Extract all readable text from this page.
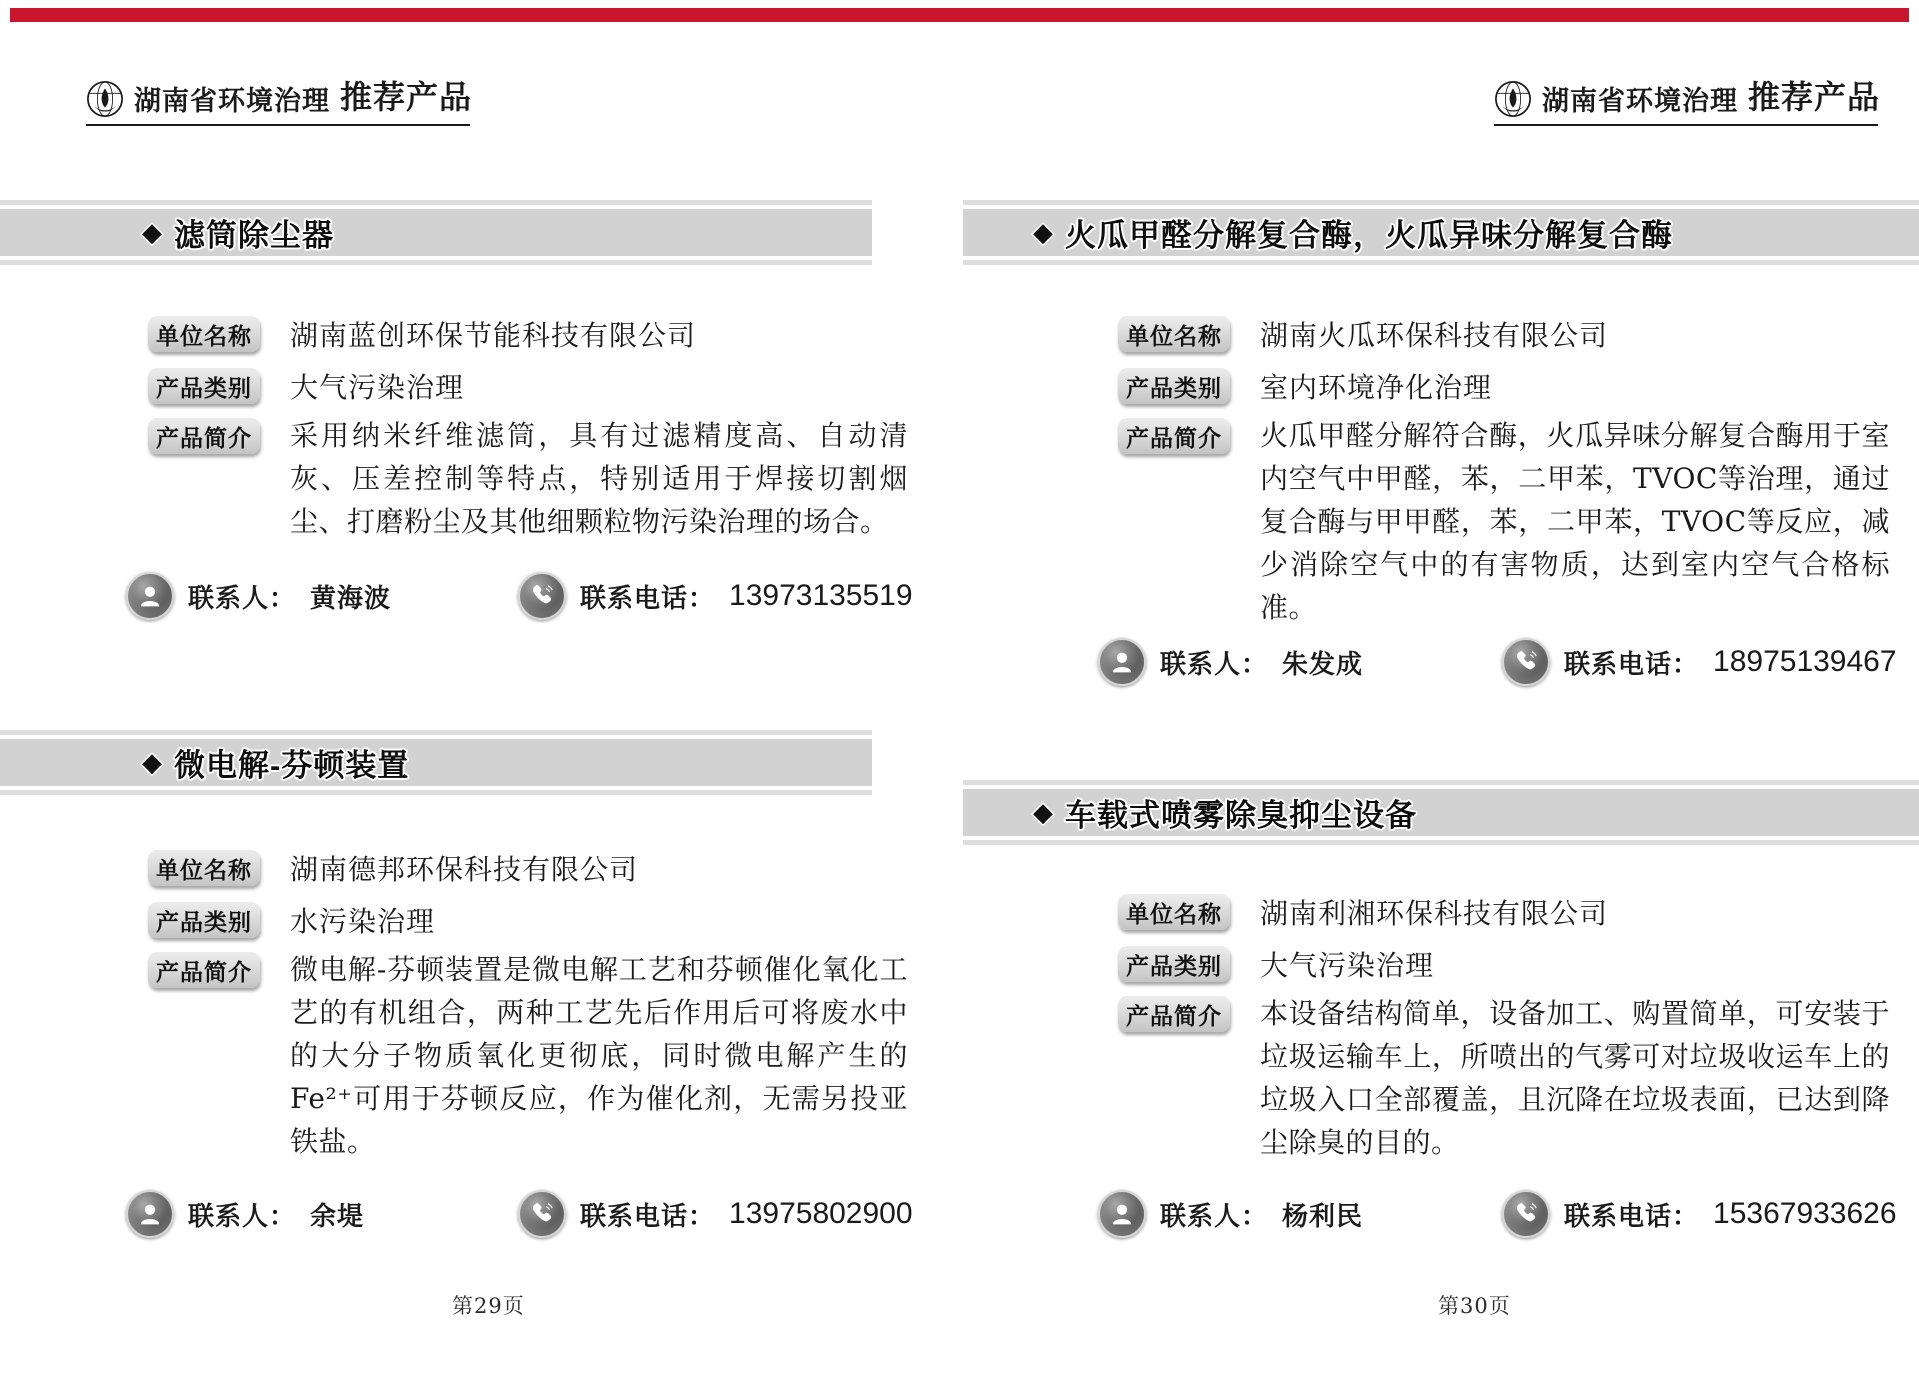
湖南省环境治理 推荐产品	湖南省环境治理 推荐产品
◆ 滤筒除尘器
单位名称 湖南蓝创环保节能科技有限公司
产品类别 大气污染治理
产品简介 采用纳米纤维滤筒，具有过滤精度高、自动清灰、压差控制等特点，特别适用于焊接切割烟尘、打磨粉尘及其他细颗粒物污染治理的场合。

联系人： 黄海波	联系电话： 13973135519
◆ 微电解-芬顿装置
单位名称 湖南德邦环保科技有限公司
产品类别 水污染治理
产品简介 微电解-芬顿装置是微电解工艺和芬顿催化氧化工艺的有机组合，两种工艺先后作用后可将废水中的大分子物质氧化更彻底，同时微电解产生的Fe²⁺可用于芬顿反应，作为催化剂，无需另投亚铁盐。

联系人： 余堤	联系电话： 13975802900
◆ 火瓜甲醛分解复合酶，火瓜异味分解复合酶
单位名称 湖南火瓜环保科技有限公司
产品类别 室内环境净化治理
产品简介 火瓜甲醛分解符合酶，火瓜异味分解复合酶用于室内空气中甲醛，苯，二甲苯，TVOC等治理，通过复合酶与甲甲醛，苯，二甲苯，TVOC等反应，减少消除空气中的有害物质，达到室内空气合格标准。

联系人： 朱发成	联系电话： 18975139467
◆ 车载式喷雾除臭抑尘设备
单位名称 湖南利湘环保科技有限公司
产品类别 大气污染治理
产品简介 本设备结构简单，设备加工、购置简单，可安装于垃圾运输车上，所喷出的气雾可对垃圾收运车上的垃圾入口全部覆盖，且沉降在垃圾表面，已达到降尘除臭的目的。

联系人： 杨利民	联系电话： 15367933626
第29页	第30页
